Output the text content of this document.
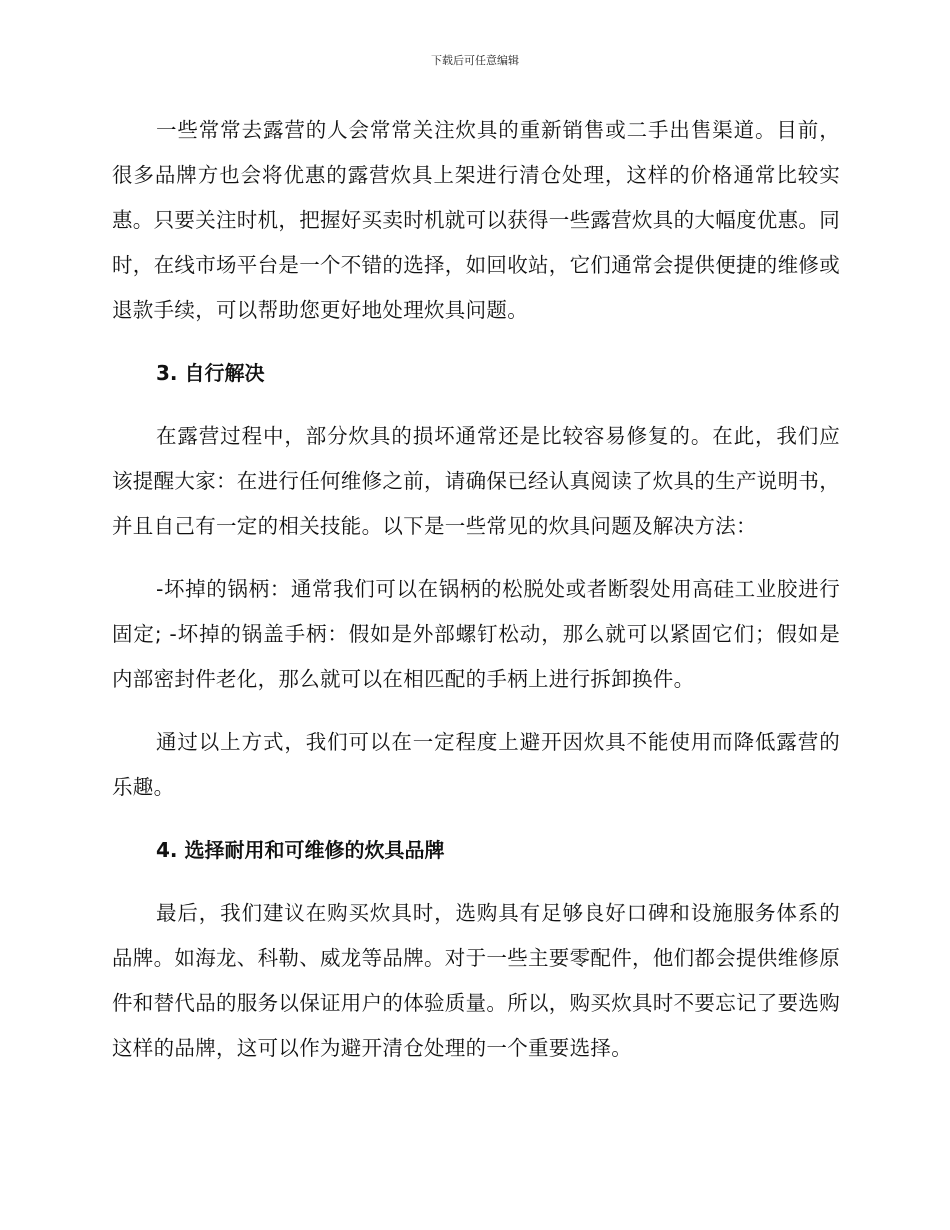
下载后可任意编辑

一些常常去露营的人会常常关注炊具的重新销售或二手出售渠道。目前，很多品牌方也会将优惠的露营炊具上架进行清仓处理，这样的价格通常比较实惠。只要关注时机，把握好买卖时机就可以获得一些露营炊具的大幅度优惠。同时，在线市场平台是一个不错的选择，如回收站，它们通常会提供便捷的维修或退款手续，可以帮助您更好地处理炊具问题。

3. 自行解决

在露营过程中，部分炊具的损坏通常还是比较容易修复的。在此，我们应该提醒大家：在进行任何维修之前，请确保已经认真阅读了炊具的生产说明书，并且自己有一定的相关技能。以下是一些常见的炊具问题及解决方法：

-坏掉的锅柄：通常我们可以在锅柄的松脱处或者断裂处用高硅工业胶进行固定; -坏掉的锅盖手柄：假如是外部螺钉松动，那么就可以紧固它们；假如是内部密封件老化，那么就可以在相匹配的手柄上进行拆卸换件。

通过以上方式，我们可以在一定程度上避开因炊具不能使用而降低露营的乐趣。

4. 选择耐用和可维修的炊具品牌

最后，我们建议在购买炊具时，选购具有足够良好口碑和设施服务体系的品牌。如海龙、科勒、威龙等品牌。对于一些主要零配件，他们都会提供维修原件和替代品的服务以保证用户的体验质量。所以，购买炊具时不要忘记了要选购这样的品牌，这可以作为避开清仓处理的一个重要选择。
